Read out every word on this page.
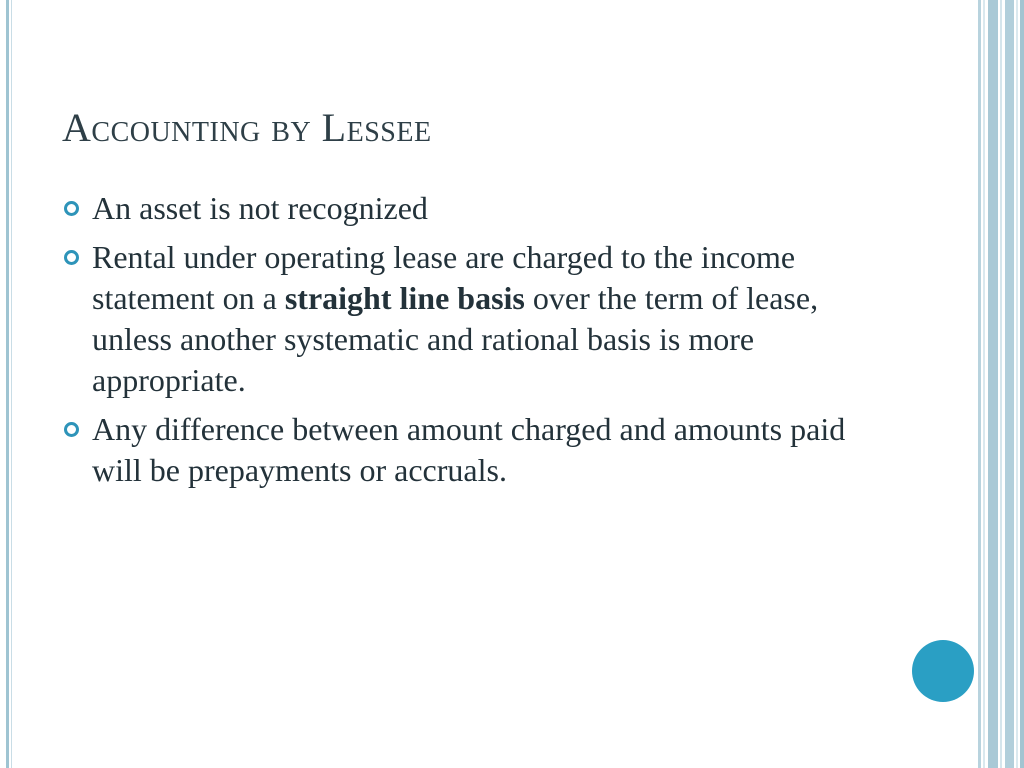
Accounting by Lessee
An asset is not recognized
Rental under operating lease are charged to the income statement on a straight line basis over the term of lease, unless another systematic and rational basis is more appropriate.
Any difference between amount charged and amounts paid will be prepayments or accruals.
